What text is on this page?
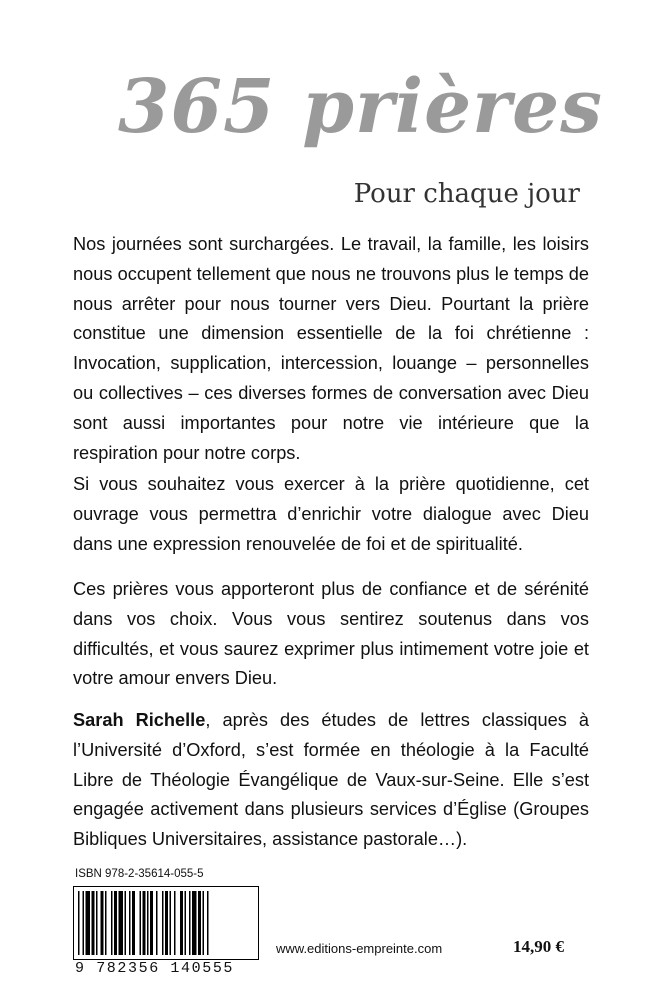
365 prières

Pour chaque jour

Nos journées sont surchargées. Le travail, la famille, les loisirs nous occupent tellement que nous ne trouvons plus le temps de nous arrêter pour nous tourner vers Dieu. Pourtant la prière constitue une dimension essentielle de la foi chrétienne : Invocation, supplication, intercession, louange – personnelles ou collectives – ces diverses formes de conversation avec Dieu sont aussi importantes pour notre vie intérieure que la respiration pour notre corps.

Si vous souhaitez vous exercer à la prière quotidienne, cet ouvrage vous permettra d’enrichir votre dialogue avec Dieu dans une expression renouvelée de foi et de spiritualité.

Ces prières vous apporteront plus de confiance et de sérénité dans vos choix. Vous vous sentirez soutenus dans vos difficultés, et vous saurez exprimer plus intimement votre joie et votre amour envers Dieu.

Sarah Richelle, après des études de lettres classiques à l’Université d’Oxford, s’est formée en théologie à la Faculté Libre de Théologie Évangélique de Vaux-sur-Seine. Elle s’est engagée activement dans plusieurs services d’Église (Groupes Bibliques Universitaires, assistance pastorale…).

ISBN 978-2-35614-055-5
9 782356 140555
www.editions-empreinte.com	14,90 €
